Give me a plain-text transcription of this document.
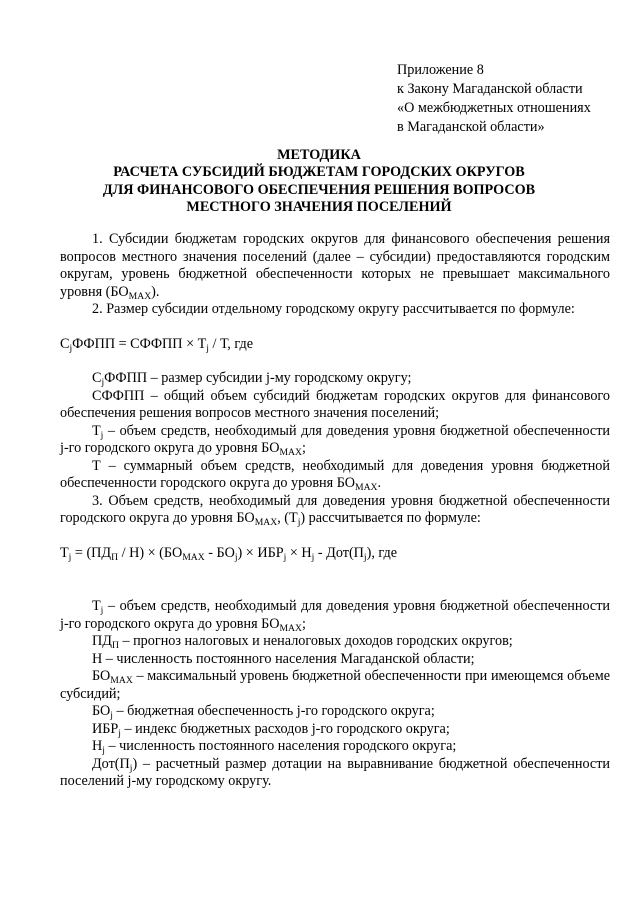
Приложение 8
к Закону Магаданской области
«О межбюджетных отношениях
в Магаданской области»
МЕТОДИКА
РАСЧЕТА СУБСИДИЙ БЮДЖЕТАМ ГОРОДСКИХ ОКРУГОВ
ДЛЯ ФИНАНСОВОГО ОБЕСПЕЧЕНИЯ РЕШЕНИЯ ВОПРОСОВ
МЕСТНОГО ЗНАЧЕНИЯ ПОСЕЛЕНИЙ

1. Субсидии бюджетам городских округов для финансового обеспечения решения вопросов местного значения поселений (далее – субсидии) предоставляются городским округам, уровень бюджетной обеспеченности которых не превышает максимального уровня $(БО_{MAX})$.

2. Размер субсидии отдельному городскому округу рассчитывается по формуле:

$С_jФФПП$ = СФФПП × $Т_j$ / Т, где

$С_jФФПП$ – размер субсидии j-му городскому округу;

СФФПП – общий объем субсидий бюджетам городских округов для финансового обеспечения решения вопросов местного значения поселений;

$Т_j$ – объем средств, необходимый для доведения уровня бюджетной обеспеченности j-го городского округа до уровня $БО_{MAX}$;

Т – суммарный объем средств, необходимый для доведения уровня бюджетной обеспеченности городского округа до уровня $БО_{MAX}$.

3. Объем средств, необходимый для доведения уровня бюджетной обеспеченности городского округа до уровня $БО_{MAX}$, $(Т_j)$ рассчитывается по формуле:

$Т_j = (ПД_П / Н) \times (БО_{MAX} - БО_j) \times ИБР_j \times Н_j - Дот(П_j)$, где

$Т_j$ – объем средств, необходимый для доведения уровня бюджетной обеспеченности j-го городского округа до уровня $БО_{MAX}$;

$ПД_П$ – прогноз налоговых и неналоговых доходов городских округов;

Н – численность постоянного населения Магаданской области;

$БО_{MAX}$ – максимальный уровень бюджетной обеспеченности при имеющемся объеме субсидий;

$БО_j$ – бюджетная обеспеченность j-го городского округа;

$ИБР_j$ – индекс бюджетных расходов j-го городского округа;

$Н_j$ – численность постоянного населения городского округа;

$Дот(П_j)$ – расчетный размер дотации на выравнивание бюджетной обеспеченности поселений j-му городскому округу.
